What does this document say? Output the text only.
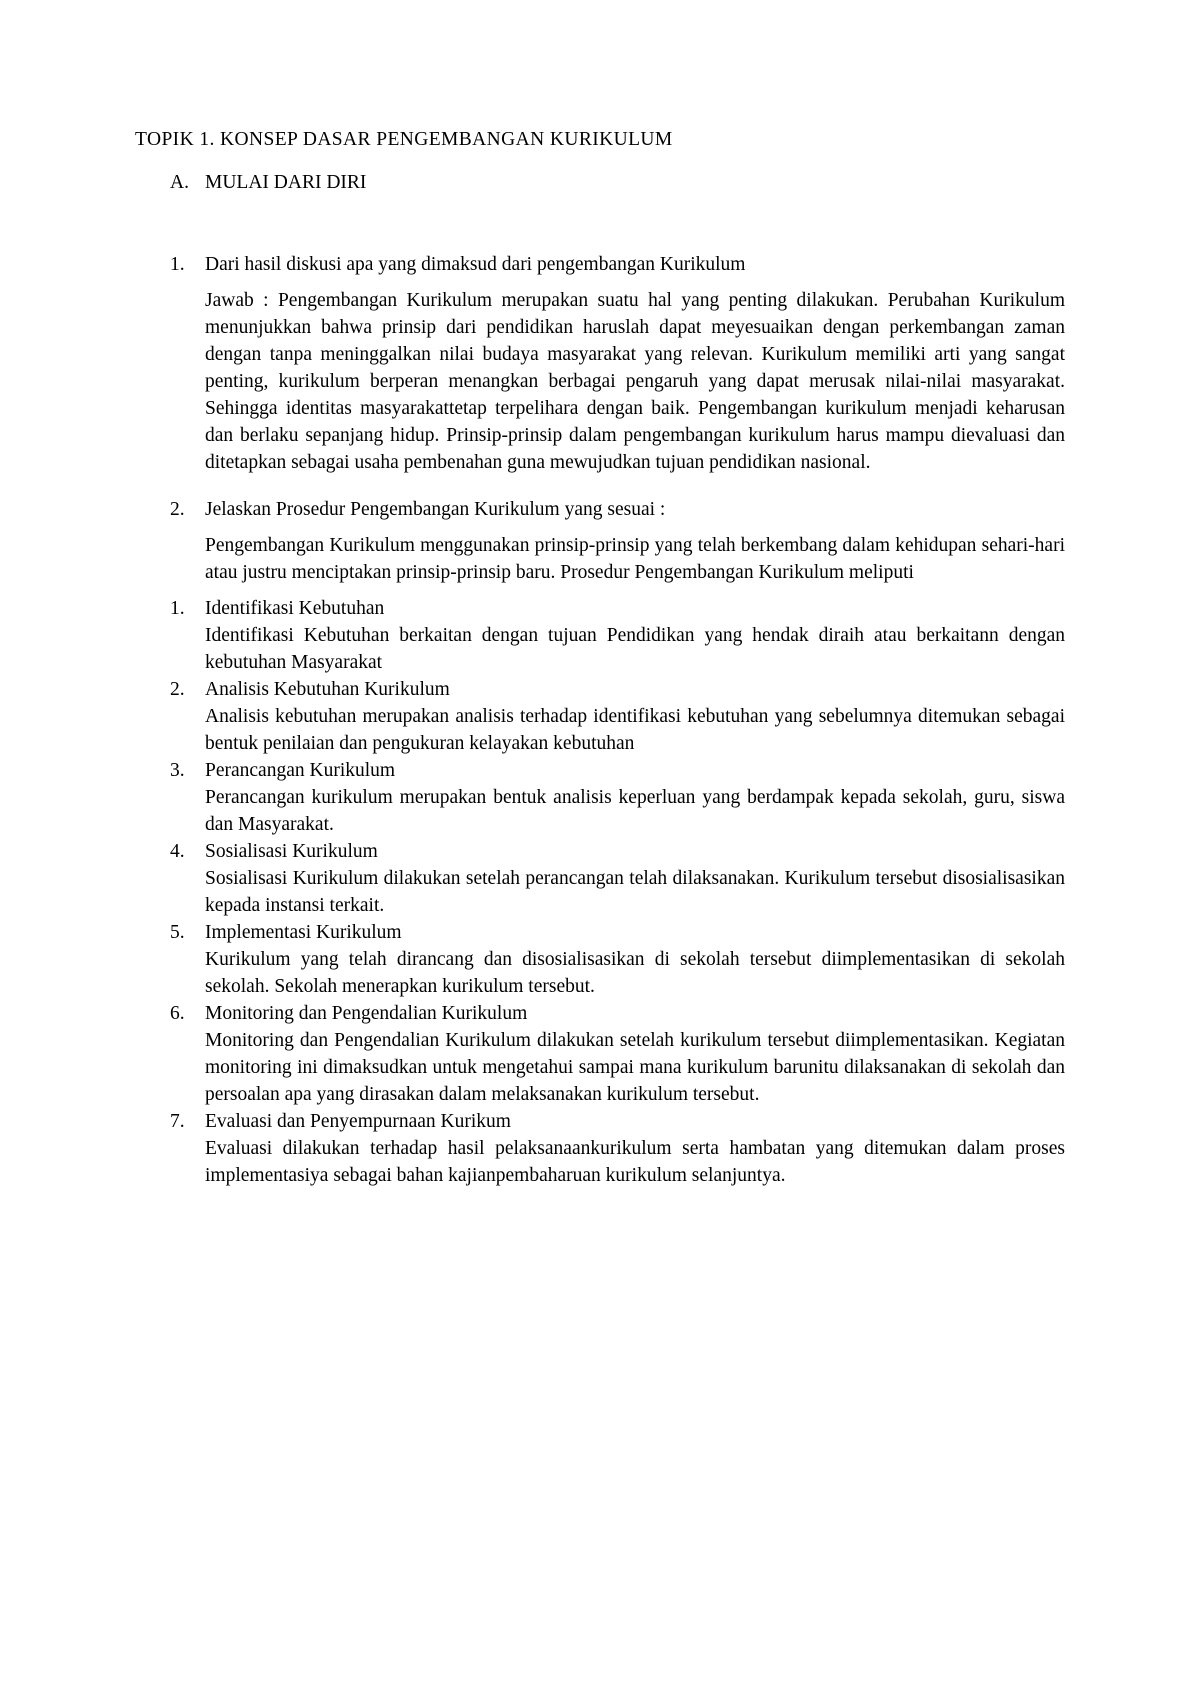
TOPIK 1. KONSEP DASAR PENGEMBANGAN KURIKULUM
A. MULAI DARI DIRI
1.	Dari hasil diskusi apa yang dimaksud dari pengembangan Kurikulum

Jawab : Pengembangan Kurikulum merupakan suatu hal yang penting dilakukan. Perubahan Kurikulum menunjukkan bahwa prinsip dari pendidikan haruslah dapat meyesuaikan dengan perkembangan zaman dengan tanpa meninggalkan nilai budaya masyarakat yang relevan. Kurikulum memiliki arti yang sangat penting, kurikulum berperan menangkan berbagai pengaruh yang dapat merusak nilai-nilai masyarakat. Sehingga identitas masyarakattetap terpelihara dengan baik. Pengembangan kurikulum menjadi keharusan dan berlaku sepanjang hidup. Prinsip-prinsip dalam pengembangan kurikulum harus mampu dievaluasi dan ditetapkan sebagai usaha pembenahan guna mewujudkan tujuan pendidikan nasional.

2.	Jelaskan Prosedur Pengembangan Kurikulum yang sesuai :

Pengembangan Kurikulum menggunakan prinsip-prinsip yang telah berkembang dalam kehidupan sehari-hari atau justru menciptakan prinsip-prinsip baru. Prosedur Pengembangan Kurikulum meliputi

1.	Identifikasi Kebutuhan
Identifikasi Kebutuhan berkaitan dengan tujuan Pendidikan yang hendak diraih atau berkaitann dengan kebutuhan Masyarakat
2.	Analisis Kebutuhan Kurikulum
Analisis kebutuhan merupakan analisis terhadap identifikasi kebutuhan yang sebelumnya ditemukan sebagai bentuk penilaian dan pengukuran kelayakan kebutuhan
3.	Perancangan Kurikulum
Perancangan kurikulum merupakan bentuk analisis keperluan yang berdampak kepada sekolah, guru, siswa dan Masyarakat.
4.	Sosialisasi Kurikulum
Sosialisasi Kurikulum dilakukan setelah perancangan telah dilaksanakan. Kurikulum tersebut disosialisasikan kepada instansi terkait.
5.	Implementasi Kurikulum
Kurikulum yang telah dirancang dan disosialisasikan di sekolah tersebut diimplementasikan di sekolah sekolah. Sekolah menerapkan kurikulum tersebut.
6.	Monitoring dan Pengendalian Kurikulum
Monitoring dan Pengendalian Kurikulum dilakukan setelah kurikulum tersebut diimplementasikan. Kegiatan monitoring ini dimaksudkan untuk mengetahui sampai mana kurikulum barunitu dilaksanakan di sekolah dan persoalan apa yang dirasakan dalam melaksanakan kurikulum tersebut.
7.	Evaluasi dan Penyempurnaan Kurikum
Evaluasi dilakukan terhadap hasil pelaksanaankurikulum serta hambatan yang ditemukan dalam proses implementasiya sebagai bahan kajianpembaharuan kurikulum selanjuntya.
